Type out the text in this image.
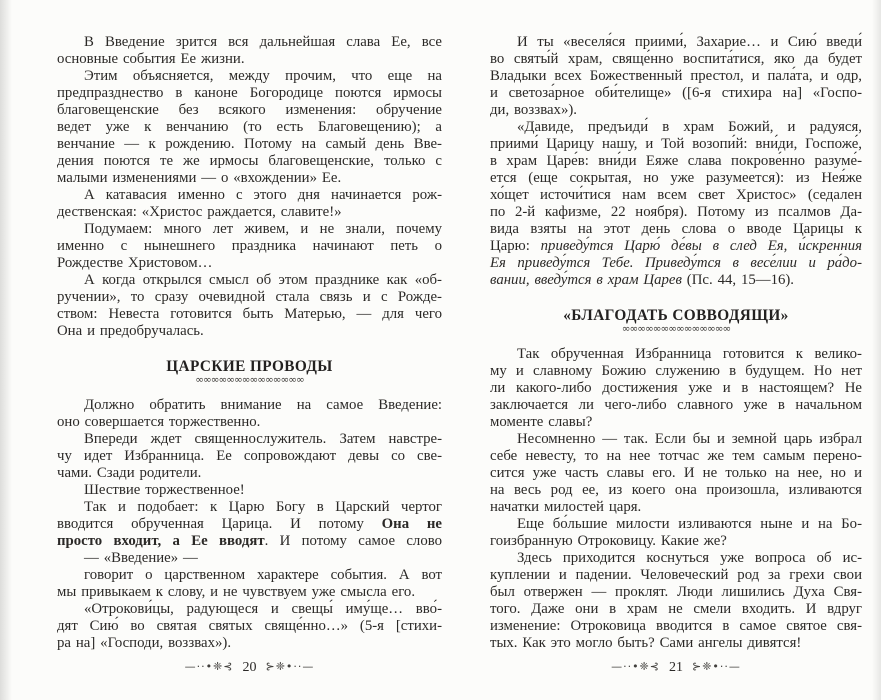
В Введение зрится вся дальнейшая слава Ее, все
основные события Ее жизни.
Этим объясняется, между прочим, что еще на
предпразднество в каноне Богородице поются ирмосы
благовещенские без всякого изменения: обручение
ведет уже к венчанию (то есть Благовещению); а
венчание — к рождению. Потому на самый день Вве-
дения поются те же ирмосы благовещенские, только с
малыми изменениями — о «вхождении» Ее.
А катавасия именно с этого дня начинается рож-
дественская: «Христос раждается, славите!»
Подумаем: много лет живем, и не знали, почему
именно с нынешнего праздника начинают петь о
Рождестве Христовом…
А когда открылся смысл об этом празднике как «об-
ручении», то сразу очевидной стала связь и с Рожде-
ством: Невеста готовится быть Матерью, — для чего
Она и предобручалась.
ЦАРСКИЕ ПРОВОДЫ
∞∞∞∞∞∞∞∞∞∞∞∞∞∞
Должно обратить внимание на самое Введение:
оно совершается торжественно.
Впереди ждет священнослужитель. Затем навстре-
чу идет Избранница. Ее сопровождают девы со све-
чами. Сзади родители.
Шествие торжественное!
Так и подобает: к Царю Богу в Царский чертог
вводится обрученная Царица. И потому Она не
просто входит, а Ее вводят. И потому самое слово
— «Введение» —
говорит о царственном характере события. А вот
мы привыкаем к слову, и не чувствуем уже смысла его.
«Отрокови́цы, радующеся и свещы́ иму́ще… вво́-
дят Сию́ во святая святых свяще́нно…» (5-я [стихи-
ра на] «Господи, воззвах»).
—··•❈⊰ 20 ⊱❈•··—
И ты «веселя́ся приими́, Захарие… и Сию́ введи́
во святы́й храм, свяще́нно воспита́тися, яко да будет
Владыки всех Божественный престол, и пала́та, и одр,
и светоза́рное оби́телище» ([6-я стихира на] «Госпо-
ди, воззвах»).
«Давиде, предъиди́ в храм Божий, и радуяся,
приими́ Царицу нашу, и Той возопи́й: вни́ди, Госпоже́,
в храм Царе́в: вни́ди Еяже слава покрове́нно разуме́-
ется (еще сокрытая, но уже разумеется): из Нея́же
хо́щет источи́тися нам всем свет Христос» (седален
по 2-й кафизме, 22 ноября). Потому из псалмов Да-
вида взяты на этот день слова о вводе Царицы к
Царю: приведу́тся Царю́ де́вы в след Ея, и́скренния
Ея приведу́тся Тебе. Приведу́тся в весе́лии и ра́до-
вании, введу́тся в храм Царев (Пс. 44, 15—16).
«БЛАГОДАТЬ СОВВОДЯЩИ»
∞∞∞∞∞∞∞∞∞∞∞∞∞∞
Так обрученная Избранница готовится к велико-
му и славному Божию служению в будущем. Но нет
ли какого-либо достижения уже и в настоящем? Не
заключается ли чего-либо славного уже в начальном
моменте славы?
Несомненно — так. Если бы и земной царь избрал
себе невесту, то на нее тотчас же тем самым перено-
сится уже часть славы его. И не только на нее, но и
на весь род ее, из коего она произошла, изливаются
начатки милостей царя.
Еще бо́льшие милости изливаются ныне и на Бо-
гоизбранную Отроковицу. Какие же?
Здесь приходится коснуться уже вопроса об ис-
куплении и падении. Человеческий род за грехи свои
был отвержен — проклят. Люди лишились Духа Свя-
того. Даже они в храм не смели входить. И вдруг
изменение: Отроковица вводится в самое святое свя-
тых. Как это могло быть? Сами ангелы дивятся!
—··•❈⊰ 21 ⊱❈•··—
